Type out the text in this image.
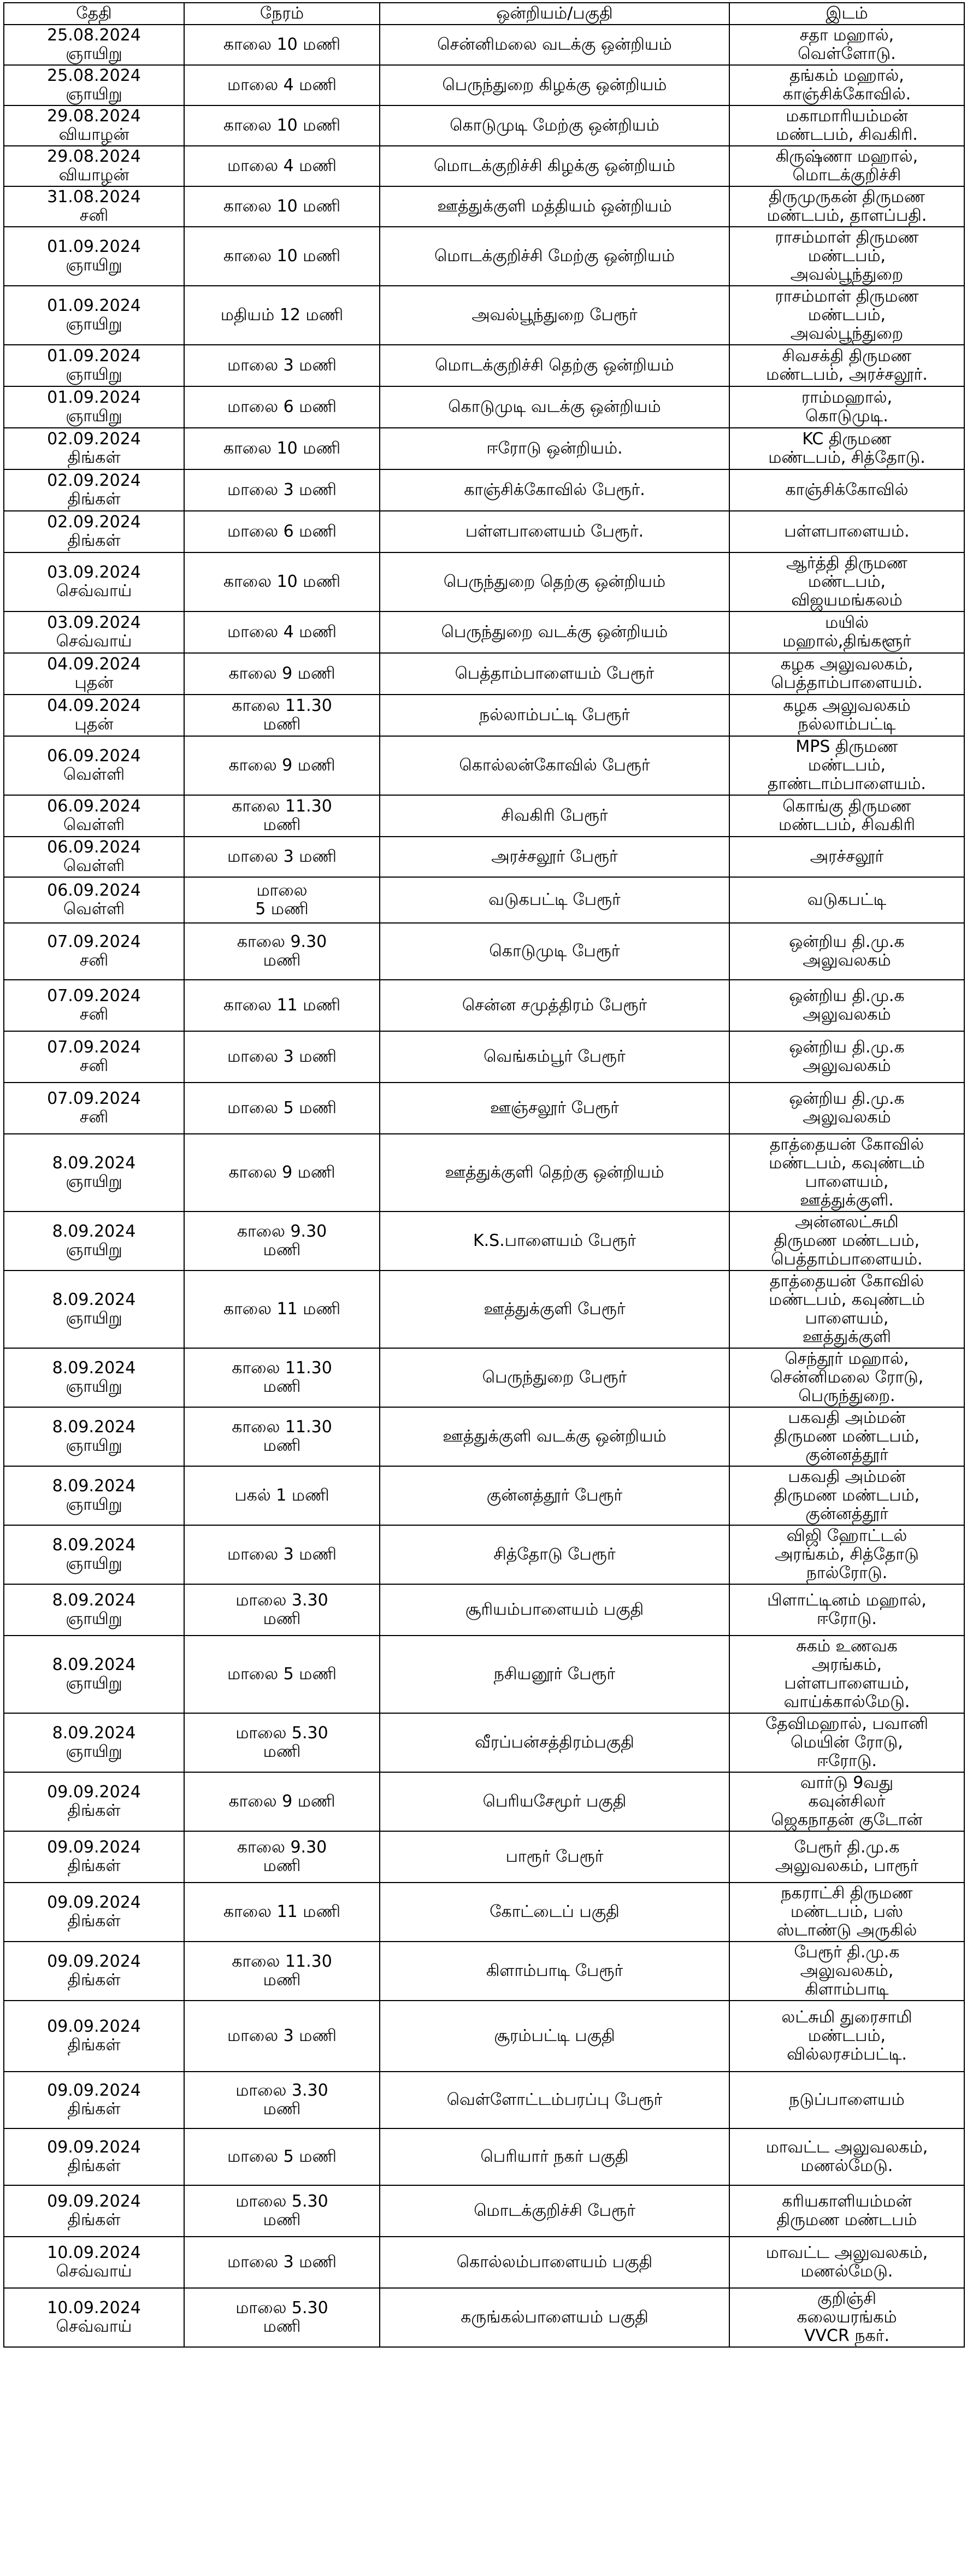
தேதி	நேரம்	ஒன்றியம்/பகுதி	இடம்

25.08.2024
ஞாயிறு	காலை 10 மணி	சென்னிமலை வடக்கு ஒன்றியம்	சதா மஹால்,
வெள்ளோடு.

25.08.2024
ஞாயிறு	மாலை 4 மணி	பெருந்துறை கிழக்கு ஒன்றியம்	தங்கம் மஹால்,
காஞ்சிக்கோவில்.

29.08.2024
வியாழன்	காலை 10 மணி	கொடுமுடி மேற்கு ஒன்றியம்	மகாமாரியம்மன்
மண்டபம், சிவகிரி.

29.08.2024
வியாழன்	மாலை 4 மணி	மொடக்குறிச்சி கிழக்கு ஒன்றியம்	கிருஷ்ணா மஹால்,
மொடக்குறிச்சி

31.08.2024
சனி	காலை 10 மணி	ஊத்துக்குளி மத்தியம் ஒன்றியம்	திருமுருகன் திருமண
மண்டபம், தாளப்பதி.

01.09.2024
ஞாயிறு	காலை 10 மணி	மொடக்குறிச்சி மேற்கு ஒன்றியம்	ராசம்மாள் திருமண
மண்டபம்,
அவல்பூந்துறை

01.09.2024
ஞாயிறு	மதியம் 12 மணி	அவல்பூந்துறை பேரூர்	ராசம்மாள் திருமண
மண்டபம்,
அவல்பூந்துறை

01.09.2024
ஞாயிறு	மாலை 3 மணி	மொடக்குறிச்சி தெற்கு ஒன்றியம்	சிவசக்தி திருமண
மண்டபம், அரச்சலூர்.

01.09.2024
ஞாயிறு	மாலை 6 மணி	கொடுமுடி வடக்கு ஒன்றியம்	ராம்மஹால்,
கொடுமுடி.

02.09.2024
திங்கள்	காலை 10 மணி	ஈரோடு ஒன்றியம்.	KC திருமண
மண்டபம், சித்தோடு.

02.09.2024
திங்கள்	மாலை 3 மணி	காஞ்சிக்கோவில் பேரூர்.	காஞ்சிக்கோவில்

02.09.2024
திங்கள்	மாலை 6 மணி	பள்ளபாளையம் பேரூர்.	பள்ளபாளையம்.

03.09.2024
செவ்வாய்	காலை 10 மணி	பெருந்துறை தெற்கு ஒன்றியம்	ஆர்த்தி திருமண
மண்டபம்,
விஜயமங்கலம்

03.09.2024
செவ்வாய்	மாலை 4 மணி	பெருந்துறை வடக்கு ஒன்றியம்	மயில்
மஹால்,திங்களூர்

04.09.2024
புதன்	காலை 9 மணி	பெத்தாம்பாளையம் பேரூர்	கழக அலுவலகம்,
பெத்தாம்பாளையம்.

04.09.2024
புதன்	காலை 11.30
மணி	நல்லாம்பட்டி பேரூர்	கழக அலுவலகம்
நல்லாம்பட்டி

06.09.2024
வெள்ளி	காலை 9 மணி	கொல்லன்கோவில் பேரூர்	MPS திருமண
மண்டபம்,
தாண்டாம்பாளையம்.

06.09.2024
வெள்ளி	காலை 11.30
மணி	சிவகிரி பேரூர்	கொங்கு திருமண
மண்டபம், சிவகிரி

06.09.2024
வெள்ளி	மாலை 3 மணி	அரச்சலூர் பேரூர்	அரச்சலூர்

06.09.2024
வெள்ளி	மாலை
5 மணி	வடுகபட்டி பேரூர்	வடுகபட்டி

07.09.2024
சனி	காலை 9.30
மணி	கொடுமுடி பேரூர்	ஒன்றிய தி.மு.க
அலுவலகம்

07.09.2024
சனி	காலை 11 மணி	சென்ன சமுத்திரம் பேரூர்	ஒன்றிய தி.மு.க
அலுவலகம்

07.09.2024
சனி	மாலை 3 மணி	வெங்கம்பூர் பேரூர்	ஒன்றிய தி.மு.க
அலுவலகம்

07.09.2024
சனி	மாலை 5 மணி	ஊஞ்சலூர் பேரூர்	ஒன்றிய தி.மு.க
அலுவலகம்

8.09.2024
ஞாயிறு	காலை 9 மணி	ஊத்துக்குளி தெற்கு ஒன்றியம்	தாத்தையன் கோவில்
மண்டபம், கவுண்டம்
பாளையம்,
ஊத்துக்குளி.

8.09.2024
ஞாயிறு	காலை 9.30
மணி	K.S.பாளையம் பேரூர்	அன்னலட்சுமி
திருமண மண்டபம்,
பெத்தாம்பாளையம்.

8.09.2024
ஞாயிறு	காலை 11 மணி	ஊத்துக்குளி பேரூர்	தாத்தையன் கோவில்
மண்டபம், கவுண்டம்
பாளையம்,
ஊத்துக்குளி

8.09.2024
ஞாயிறு	காலை 11.30
மணி	பெருந்துறை பேரூர்	செந்தூர் மஹால்,
சென்னிமலை ரோடு,
பெருந்துறை.

8.09.2024
ஞாயிறு	காலை 11.30
மணி	ஊத்துக்குளி வடக்கு ஒன்றியம்	பகவதி அம்மன்
திருமண மண்டபம்,
குன்னத்தூர்

8.09.2024
ஞாயிறு	பகல் 1 மணி	குன்னத்தூர் பேரூர்	பகவதி அம்மன்
திருமண மண்டபம்,
குன்னத்தூர்

8.09.2024
ஞாயிறு	மாலை 3 மணி	சித்தோடு பேரூர்	விஜி ஹோட்டல்
அரங்கம், சித்தோடு
நால்ரோடு.

8.09.2024
ஞாயிறு	மாலை 3.30
மணி	சூரியம்பாளையம் பகுதி	பிளாட்டினம் மஹால்,
ஈரோடு.

8.09.2024
ஞாயிறு	மாலை 5 மணி	நசியனூர் பேரூர்	சுகம் உணவக
அரங்கம்,
பள்ளபாளையம்,
வாய்க்கால்மேடு.

8.09.2024
ஞாயிறு	மாலை 5.30
மணி	வீரப்பன்சத்திரம்பகுதி	தேவிமஹால், பவானி
மெயின் ரோடு,
ஈரோடு.

09.09.2024
திங்கள்	காலை 9 மணி	பெரியசேமூர் பகுதி	வார்டு 9வது
கவுன்சிலர்
ஜெகநாதன் குடோன்

09.09.2024
திங்கள்	காலை 9.30
மணி	பாரூர் பேரூர்	பேரூர் தி.மு.க
அலுவலகம், பாரூர்

09.09.2024
திங்கள்	காலை 11 மணி	கோட்டைப் பகுதி	நகராட்சி திருமண
மண்டபம், பஸ்
ஸ்டாண்டு அருகில்

09.09.2024
திங்கள்	காலை 11.30
மணி	கிளாம்பாடி பேரூர்	பேரூர் தி.மு.க
அலுவலகம்,
கிளாம்பாடி

09.09.2024
திங்கள்	மாலை 3 மணி	சூரம்பட்டி பகுதி	லட்சுமி துரைசாமி
மண்டபம்,
வில்லரசம்பட்டி.

09.09.2024
திங்கள்	மாலை 3.30
மணி	வெள்ளோட்டம்பரப்பு பேரூர்	நடுப்பாளையம்

09.09.2024
திங்கள்	மாலை 5 மணி	பெரியார் நகர் பகுதி	மாவட்ட அலுவலகம்,
மணல்மேடு.

09.09.2024
திங்கள்	மாலை 5.30
மணி	மொடக்குறிச்சி பேரூர்	கரியகாளியம்மன்
திருமண மண்டபம்

10.09.2024
செவ்வாய்	மாலை 3 மணி	கொல்லம்பாளையம் பகுதி	மாவட்ட அலுவலகம்,
மணல்மேடு.

10.09.2024
செவ்வாய்	மாலை 5.30
மணி	கருங்கல்பாளையம் பகுதி	குறிஞ்சி
கலையரங்கம்
VVCR நகர்.
